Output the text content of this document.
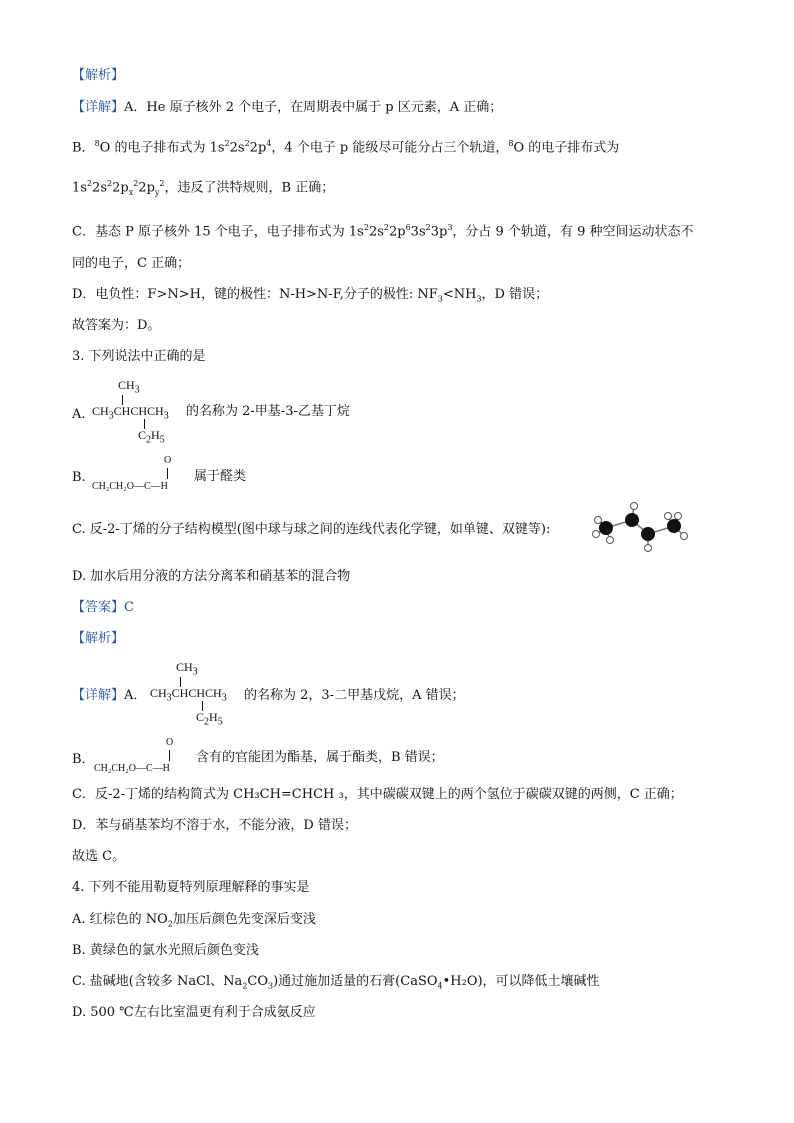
【解析】
【详解】A．He 原子核外 2 个电子，在周期表中属于 p 区元素，A 正确；
B．$^8$O 的电子排布式为 $1s^22s^22p^4$，4 个电子 p 能级尽可能分占三个轨道，$^8$O 的电子排布式为
$1s^22s^22p_x^22p_y^2$，违反了洪特规则，B 正确；
C．基态 P 原子核外 15 个电子，电子排布式为 $1s^22s^22p^63s^23p^3$，分占 9 个轨道，有 9 种空间运动状态不
同的电子，C 正确；
D．电负性：F>N>H，键的极性：N-H>N-F,分子的极性: $NF_3<NH_3$，D 错误；
故答案为：D。
3. 下列说法中正确的是
A.
$CH_3$
$CH_3CHCHCH_3$
$C_2H_5$
的名称为 2-甲基-3-乙基丁烷
B.
O
CH₂CH₂O—C—H
属于醛类
C. 反-2-丁烯的分子结构模型(图中球与球之间的连线代表化学键，如单键、双键等):
D. 加水后用分液的方法分离苯和硝基苯的混合物
【答案】C
【解析】
【详解】A．
$CH_3$
$CH_3CHCHCH_3$
$C_2H_5$
的名称为 2，3-二甲基戊烷，A 错误；
B．
O
CH₂CH₂O—C—H
含有的官能团为酯基，属于酯类，B 错误；
C．反-2-丁烯的结构简式为 CH₃CH=CHCH ₃，其中碳碳双键上的两个氢位于碳碳双键的两侧，C 正确；
D．苯与硝基苯均不溶于水，不能分液，D 错误；
故选 C。
4. 下列不能用勒夏特列原理解释的事实是
A. 红棕色的 $NO_2$加压后颜色先变深后变浅
B. 黄绿色的氯水光照后颜色变浅
C. 盐碱地(含较多 NaCl、$Na_2CO_3$)通过施加适量的石膏(CaSO$_4$•H₂O)，可以降低土壤碱性
D. 500 ℃左右比室温更有利于合成氨反应
